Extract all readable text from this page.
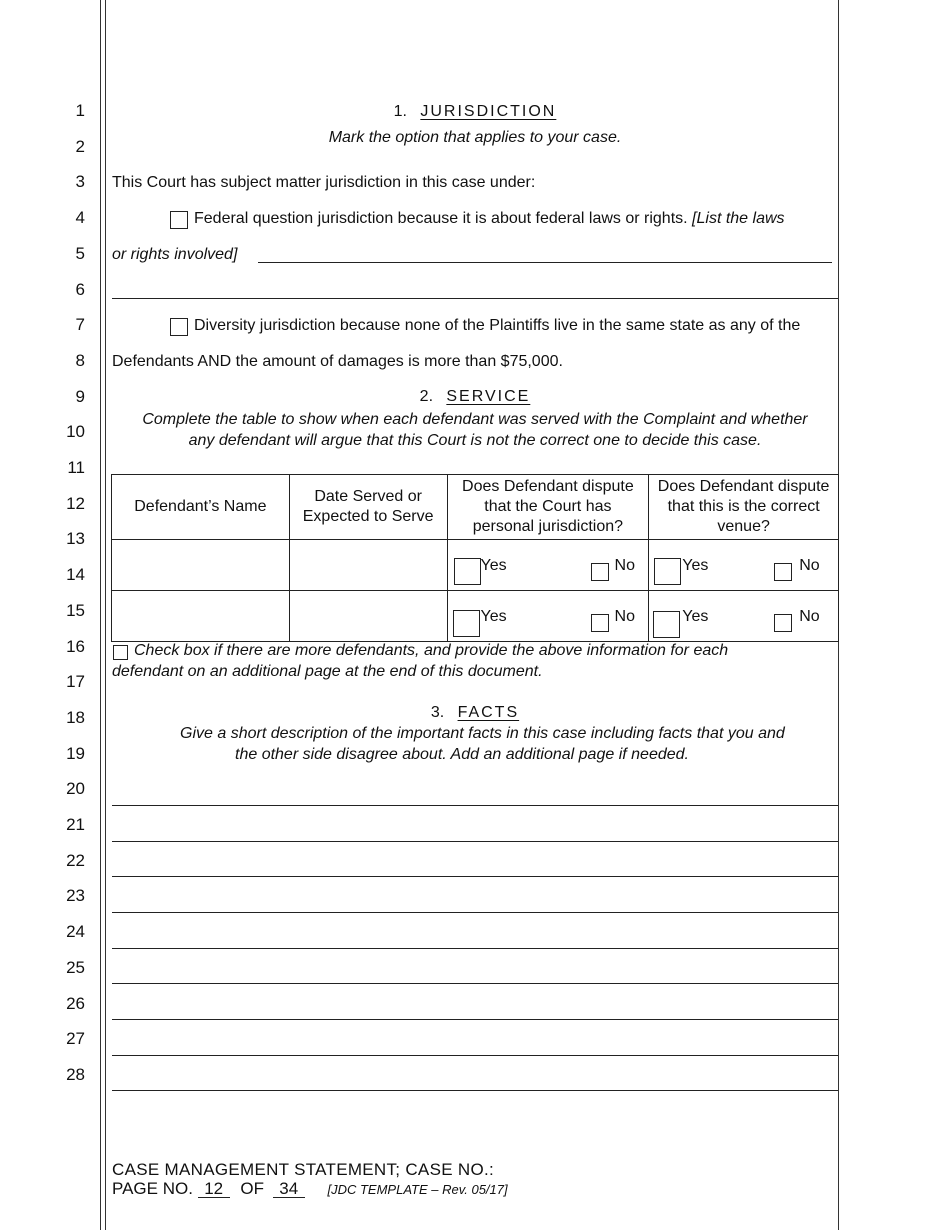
1
2
3
4
5
6
7
8
9
10
11
12
13
14
15
16
17
18
19
20
21
22
23
24
25
26
27
28
1. JURISDICTION
Mark the option that applies to your case.
This Court has subject matter jurisdiction in this case under:
Federal question jurisdiction because it is about federal laws or rights. [List the laws
or rights involved]
Diversity jurisdiction because none of the Plaintiffs live in the same state as any of the
Defendants AND the amount of damages is more than $75,000.
2. SERVICE
Complete the table to show when each defendant was served with the Complaint and whether
any defendant will argue that this Court is not the correct one to decide this case.
Defendant’s Name	Date Served or Expected to Serve	Does Defendant dispute that the Court has personal jurisdiction?	Does Defendant dispute that this is the correct venue?

		Yes No	Yes No

		Yes No	Yes No
Check box if there are more defendants, and provide the above information for each
defendant on an additional page at the end of this document.
3. FACTS
Give a short description of the important facts in this case including facts that you and
the other side disagree about. Add an additional page if needed.
CASE MANAGEMENT STATEMENT; CASE NO.:
PAGE NO. 12 OF 34 [JDC TEMPLATE – Rev. 05/17]
